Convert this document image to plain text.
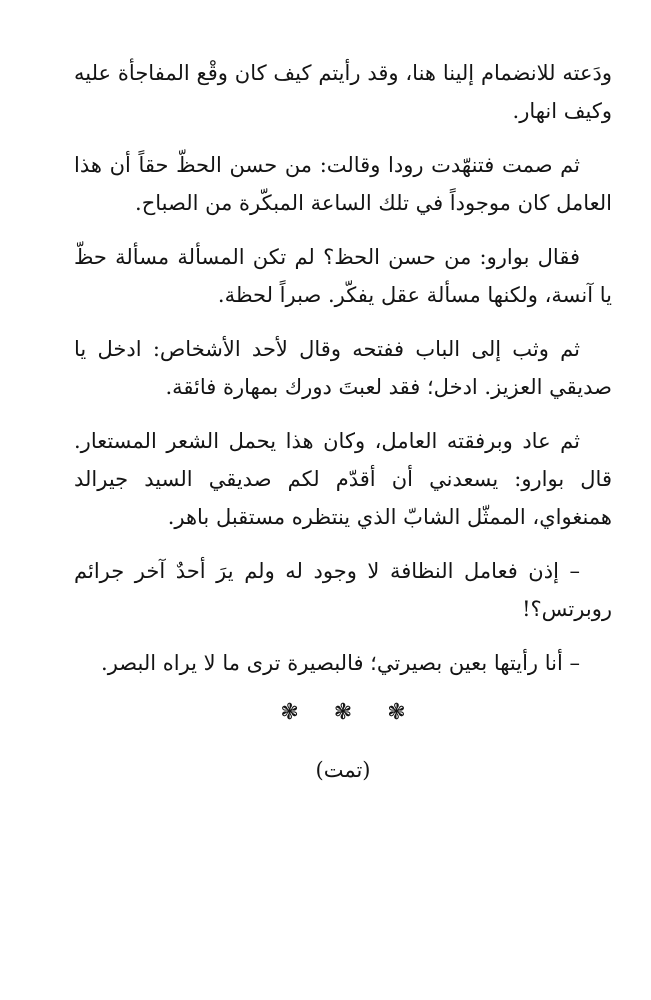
ودَعته للانضمام إلينا هنا، وقد رأيتم كيف كان وقْع المفاجأة عليه وكيف انهار.

ثم صمت فتنهّدت رودا وقالت: من حسن الحظّ حقاً أن هذا العامل كان موجوداً في تلك الساعة المبكّرة من الصباح.

فقال بوارو: من حسن الحظ؟ لم تكن المسألة مسألة حظّ يا آنسة، ولكنها مسألة عقل يفكّر. صبراً لحظة.

ثم وثب إلى الباب ففتحه وقال لأحد الأشخاص: ادخل يا صديقي العزيز. ادخل؛ فقد لعبتَ دورك بمهارة فائقة.

ثم عاد وبرفقته العامل، وكان هذا يحمل الشعر المستعار. قال بوارو: يسعدني أن أقدّم لكم صديقي السيد جيرالد همنغواي، الممثّل الشابّ الذي ينتظره مستقبل باهر.

– إذن فعامل النظافة لا وجود له ولم يرَ أحدٌ آخر جرائم روبرتس؟!

– أنا رأيتها بعين بصيرتي؛ فالبصيرة ترى ما لا يراه البصر.

❃ ❃ ❃
(تمت)
